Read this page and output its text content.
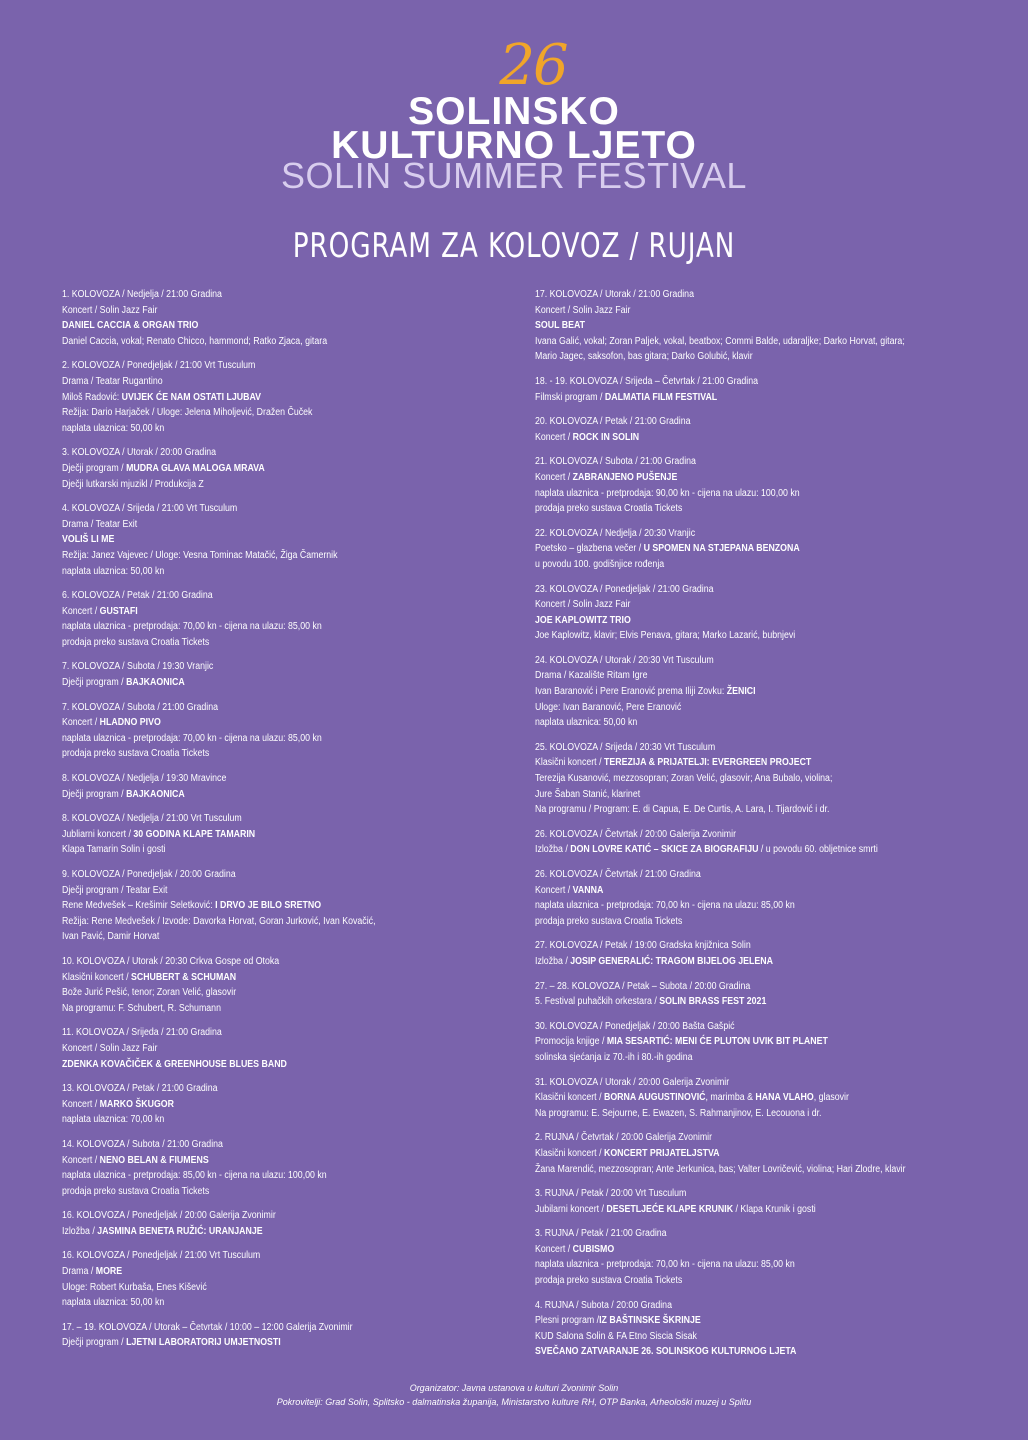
26
SOLINSKO
KULTURNO LJETO
SOLIN SUMMER FESTIVAL
PROGRAM ZA KOLOVOZ / RUJAN
1. KOLOVOZA / Nedjelja / 21:00 Gradina
Koncert / Solin Jazz Fair
DANIEL CACCIA & ORGAN TRIO
Daniel Caccia, vokal; Renato Chicco, hammond; Ratko Zjaca, gitara
2. KOLOVOZA / Ponedjeljak / 21:00 Vrt Tusculum
Drama / Teatar Rugantino
Miloš Radović: UVIJEK ĆE NAM OSTATI LJUBAV
Režija: Dario Harjaček / Uloge: Jelena Miholjević, Dražen Čuček
naplata ulaznica: 50,00 kn
3. KOLOVOZA / Utorak / 20:00 Gradina
Dječji program / MUDRA GLAVA MALOGA MRAVA
Dječji lutkarski mjuzikl / Produkcija Z
4. KOLOVOZA / Srijeda / 21:00 Vrt Tusculum
Drama / Teatar Exit
VOLIŠ LI ME
Režija: Janez Vajevec / Uloge: Vesna Tominac Matačić, Žiga Čamernik
naplata ulaznica: 50,00 kn
6. KOLOVOZA / Petak / 21:00 Gradina
Koncert / GUSTAFI
naplata ulaznica - pretprodaja: 70,00 kn - cijena na ulazu: 85,00 kn
prodaja preko sustava Croatia Tickets
7. KOLOVOZA / Subota / 19:30 Vranjic
Dječji program / BAJKAONICA
7. KOLOVOZA / Subota / 21:00 Gradina
Koncert / HLADNO PIVO
naplata ulaznica - pretprodaja: 70,00 kn - cijena na ulazu: 85,00 kn
prodaja preko sustava Croatia Tickets
8. KOLOVOZA / Nedjelja / 19:30 Mravince
Dječji program / BAJKAONICA
8. KOLOVOZA / Nedjelja / 21:00 Vrt Tusculum
Jubliarni koncert / 30 GODINA KLAPE TAMARIN
Klapa Tamarin Solin i gosti
9. KOLOVOZA / Ponedjeljak / 20:00 Gradina
Dječji program / Teatar Exit
Rene Medvešek – Krešimir Seletković: I DRVO JE BILO SRETNO
Režija: Rene Medvešek / Izvode: Davorka Horvat, Goran Jurković, Ivan Kovačić,
Ivan Pavić, Damir Horvat
10. KOLOVOZA / Utorak / 20:30 Crkva Gospe od Otoka
Klasični koncert / SCHUBERT & SCHUMAN
Bože Jurić Pešić, tenor; Zoran Velić, glasovir
Na programu: F. Schubert, R. Schumann
11. KOLOVOZA / Srijeda / 21:00 Gradina
Koncert / Solin Jazz Fair
ZDENKA KOVAČIČEK & GREENHOUSE BLUES BAND
13. KOLOVOZA / Petak / 21:00 Gradina
Koncert / MARKO ŠKUGOR
naplata ulaznica: 70,00 kn
14. KOLOVOZA / Subota / 21:00 Gradina
Koncert / NENO BELAN & FIUMENS
naplata ulaznica - pretprodaja: 85,00 kn - cijena na ulazu: 100,00 kn
prodaja preko sustava Croatia Tickets
16. KOLOVOZA / Ponedjeljak / 20:00 Galerija Zvonimir
Izložba / JASMINA BENETA RUŽIĆ: URANJANJE
16. KOLOVOZA / Ponedjeljak / 21:00 Vrt Tusculum
Drama / MORE
Uloge: Robert Kurbaša, Enes Kišević
naplata ulaznica: 50,00 kn
17. – 19. KOLOVOZA / Utorak – Četvrtak / 10:00 – 12:00 Galerija Zvonimir
Dječji program / LJETNI LABORATORIJ UMJETNOSTI
17. KOLOVOZA / Utorak / 21:00 Gradina
Koncert / Solin Jazz Fair
SOUL BEAT
Ivana Galić, vokal; Zoran Paljek, vokal, beatbox; Commi Balde, udaraljke; Darko Horvat, gitara;
Mario Jagec, saksofon, bas gitara; Darko Golubić, klavir
18. - 19. KOLOVOZA / Srijeda – Četvrtak / 21:00 Gradina
Filmski program / DALMATIA FILM FESTIVAL
20. KOLOVOZA / Petak / 21:00 Gradina
Koncert / ROCK IN SOLIN
21. KOLOVOZA / Subota / 21:00 Gradina
Koncert / ZABRANJENO PUŠENJE
naplata ulaznica - pretprodaja: 90,00 kn - cijena na ulazu: 100,00 kn
prodaja preko sustava Croatia Tickets
22. KOLOVOZA / Nedjelja / 20:30 Vranjic
Poetsko – glazbena večer / U SPOMEN NA STJEPANA BENZONA
u povodu 100. godišnjice rođenja
23. KOLOVOZA / Ponedjeljak / 21:00 Gradina
Koncert / Solin Jazz Fair
JOE KAPLOWITZ TRIO
Joe Kaplowitz, klavir; Elvis Penava, gitara; Marko Lazarić, bubnjevi
24. KOLOVOZA / Utorak / 20:30 Vrt Tusculum
Drama / Kazalište Ritam Igre
Ivan Baranović i Pere Eranović prema Iliji Zovku: ŽENICI
Uloge: Ivan Baranović, Pere Eranović
naplata ulaznica: 50,00 kn
25. KOLOVOZA / Srijeda / 20:30 Vrt Tusculum
Klasični koncert / TEREZIJA & PRIJATELJI: EVERGREEN PROJECT
Terezija Kusanović, mezzosopran; Zoran Velić, glasovir; Ana Bubalo, violina;
Jure Šaban Stanić, klarinet
Na programu / Program: E. di Capua, E. De Curtis, A. Lara, I. Tijardović i dr.
26. KOLOVOZA / Četvrtak / 20:00 Galerija Zvonimir
Izložba / DON LOVRE KATIĆ – SKICE ZA BIOGRAFIJU / u povodu 60. obljetnice smrti
26. KOLOVOZA / Četvrtak / 21:00 Gradina
Koncert / VANNA
naplata ulaznica - pretprodaja: 70,00 kn - cijena na ulazu: 85,00 kn
prodaja preko sustava Croatia Tickets
27. KOLOVOZA / Petak / 19:00 Gradska knjižnica Solin
Izložba / JOSIP GENERALIĆ: TRAGOM BIJELOG JELENA
27. – 28. KOLOVOZA / Petak – Subota / 20:00 Gradina
5. Festival puhačkih orkestara / SOLIN BRASS FEST 2021
30. KOLOVOZA / Ponedjeljak / 20:00 Bašta Gašpić
Promocija knjige / MIA SESARTIĆ: MENI ĆE PLUTON UVIK BIT PLANET
solinska sjećanja iz 70.-ih i 80.-ih godina
31. KOLOVOZA / Utorak / 20:00 Galerija Zvonimir
Klasični koncert / BORNA AUGUSTINOVIĆ, marimba & HANA VLAHO, glasovir
Na programu: E. Sejourne, E. Ewazen, S. Rahmanjinov, E. Lecouona i dr.
2. RUJNA / Četvrtak / 20:00 Galerija Zvonimir
Klasični koncert / KONCERT PRIJATELJSTVA
Žana Marendić, mezzosopran; Ante Jerkunica, bas; Valter Lovričević, violina; Hari Zlodre, klavir
3. RUJNA / Petak / 20:00 Vrt Tusculum
Jubilarni koncert / DESETLJEĆE KLAPE KRUNIK / Klapa Krunik i gosti
3. RUJNA / Petak / 21:00 Gradina
Koncert / CUBISMO
naplata ulaznica - pretprodaja: 70,00 kn - cijena na ulazu: 85,00 kn
prodaja preko sustava Croatia Tickets
4. RUJNA / Subota / 20:00 Gradina
Plesni program /IZ BAŠTINSKE ŠKRINJE
KUD Salona Solin & FA Etno Siscia Sisak
SVEČANO ZATVARANJE 26. SOLINSKOG KULTURNOG LJETA
Organizator: Javna ustanova u kulturi Zvonimir Solin
Pokrovitelji: Grad Solin, Splitsko - dalmatinska županija, Ministarstvo kulture RH, OTP Banka, Arheološki muzej u Splitu
